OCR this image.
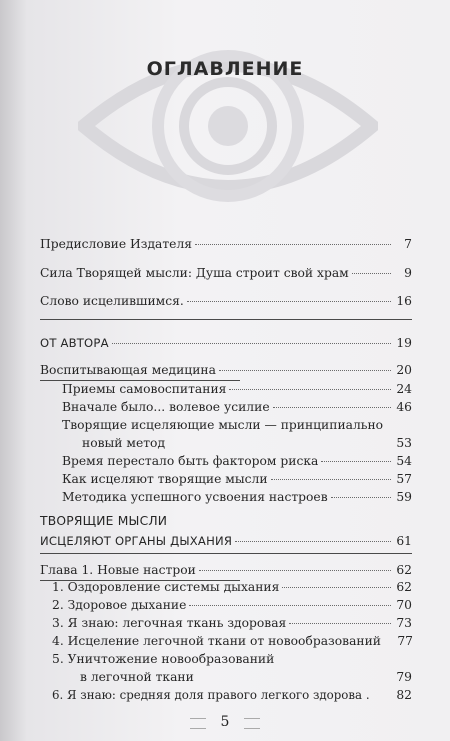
ОГЛАВЛЕНИЕ
Предисловие Издателя	7
Сила Творящей мысли: Душа строит свой храм	9
Слово исцелившимся.	16
ОТ АВТОРА	19
Воспитывающая медицина	20
Приемы самовоспитания	24
Вначале было... волевое усилие	46
Творящие исцеляющие мысли — принципиально
новый метод	53
Время перестало быть фактором риска	54
Как исцеляют творящие мысли	57
Методика успешного усвоения настроев	59
ТВОРЯЩИЕ МЫСЛИ
ИСЦЕЛЯЮТ ОРГАНЫ ДЫХАНИЯ	61
Глава 1. Новые настрои	62
1. Оздоровление системы дыхания	62
2. Здоровое дыхание	70
3. Я знаю: легочная ткань здоровая	73
4. Исцеление легочной ткани от новообразований 77
5. Уничтожение новообразований
в легочной ткани	79
6. Я знаю: средняя доля правого легкого здорова . 82
5
